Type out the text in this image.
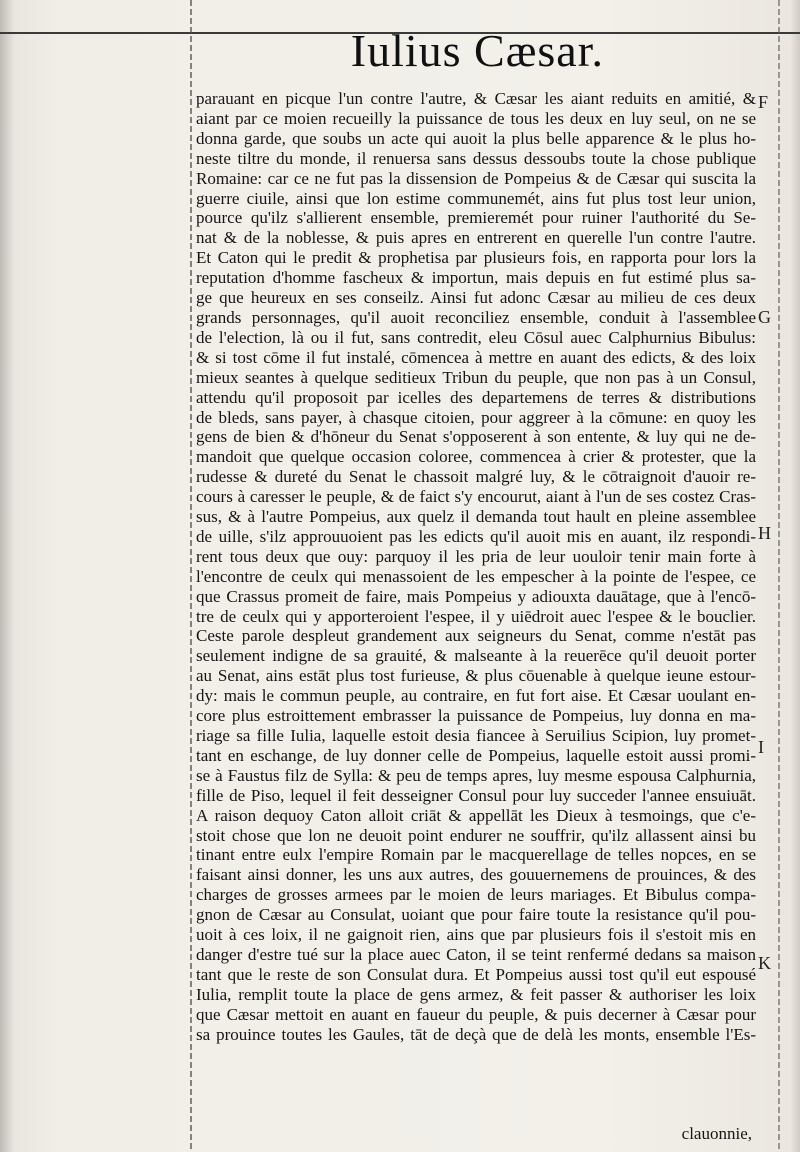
Iulius Cæsar.
parauant en picque l'un contre l'autre, & Cæsar les aiant reduits en amitié, &
aiant par ce moien recueilly la puissance de tous les deux en luy seul, on ne se
donna garde, que soubs un acte qui auoit la plus belle apparence & le plus ho-
neste tiltre du monde, il renuersa sans dessus dessoubs toute la chose publique
Romaine: car ce ne fut pas la dissension de Pompeius & de Cæsar qui suscita la
guerre ciuile, ainsi que lon estime communemét, ains fut plus tost leur union,
pource qu'ilz s'allierent ensemble, premieremét pour ruiner l'authorité du Se-
nat & de la noblesse, & puis apres en entrerent en querelle l'un contre l'autre.
Et Caton qui le predit & prophetisa par plusieurs fois, en rapporta pour lors la
reputation d'homme fascheux & importun, mais depuis en fut estimé plus sa-
ge que heureux en ses conseilz. Ainsi fut adonc Cæsar au milieu de ces deux
grands personnages, qu'il auoit reconciliez ensemble, conduit à l'assemblee
de l'election, là ou il fut, sans contredit, eleu Cōsul auec Calphurnius Bibulus:
& si tost cōme il fut instalé, cōmencea à mettre en auant des edicts, & des loix
mieux seantes à quelque seditieux Tribun du peuple, que non pas à un Consul,
attendu qu'il proposoit par icelles des departemens de terres & distributions
de bleds, sans payer, à chasque citoien, pour aggreer à la cōmune: en quoy les
gens de bien & d'hōneur du Senat s'opposerent à son entente, & luy qui ne de-
mandoit que quelque occasion coloree, commencea à crier & protester, que la
rudesse & dureté du Senat le chassoit malgré luy, & le cōtraignoit d'auoir re-
cours à caresser le peuple, & de faict s'y encourut, aiant à l'un de ses costez Cras-
sus, & à l'autre Pompeius, aux quelz il demanda tout hault en pleine assemblee
de uille, s'ilz approuuoient pas les edicts qu'il auoit mis en auant, ilz respondi-
rent tous deux que ouy: parquoy il les pria de leur uouloir tenir main forte à
l'encontre de ceulx qui menassoient de les empescher à la pointe de l'espee, ce
que Crassus promeit de faire, mais Pompeius y adiouxta dauātage, que à l'encō-
tre de ceulx qui y apporteroient l'espee, il y uiēdroit auec l'espee & le bouclier.
Ceste parole despleut grandement aux seigneurs du Senat, comme n'estāt pas
seulement indigne de sa grauité, & malseante à la reuerēce qu'il deuoit porter
au Senat, ains estāt plus tost furieuse, & plus cōuenable à quelque ieune estour-
dy: mais le commun peuple, au contraire, en fut fort aise. Et Cæsar uoulant en-
core plus estroittement embrasser la puissance de Pompeius, luy donna en ma-
riage sa fille Iulia, laquelle estoit desia fiancee à Seruilius Scipion, luy promet-
tant en eschange, de luy donner celle de Pompeius, laquelle estoit aussi promi-
se à Faustus filz de Sylla: & peu de temps apres, luy mesme espousa Calphurnia,
fille de Piso, lequel il feit desseigner Consul pour luy succeder l'annee ensuiuāt.
A raison dequoy Caton alloit criāt & appellāt les Dieux à tesmoings, que c'e-
stoit chose que lon ne deuoit point endurer ne souffrir, qu'ilz allassent ainsi bu
tinant entre eulx l'empire Romain par le macquerellage de telles nopces, en se
faisant ainsi donner, les uns aux autres, des gouuernemens de prouinces, & des
charges de grosses armees par le moien de leurs mariages. Et Bibulus compa-
gnon de Cæsar au Consulat, uoiant que pour faire toute la resistance qu'il pou-
uoit à ces loix, il ne gaignoit rien, ains que par plusieurs fois il s'estoit mis en
danger d'estre tué sur la place auec Caton, il se teint renfermé dedans sa maison
tant que le reste de son Consulat dura. Et Pompeius aussi tost qu'il eut espousé
Iulia, remplit toute la place de gens armez, & feit passer & authoriser les loix
que Cæsar mettoit en auant en faueur du peuple, & puis decerner à Cæsar pour
sa prouince toutes les Gaules, tāt de deçà que de delà les monts, ensemble l'Es-
F
G
H
I
K
clauonnie,
